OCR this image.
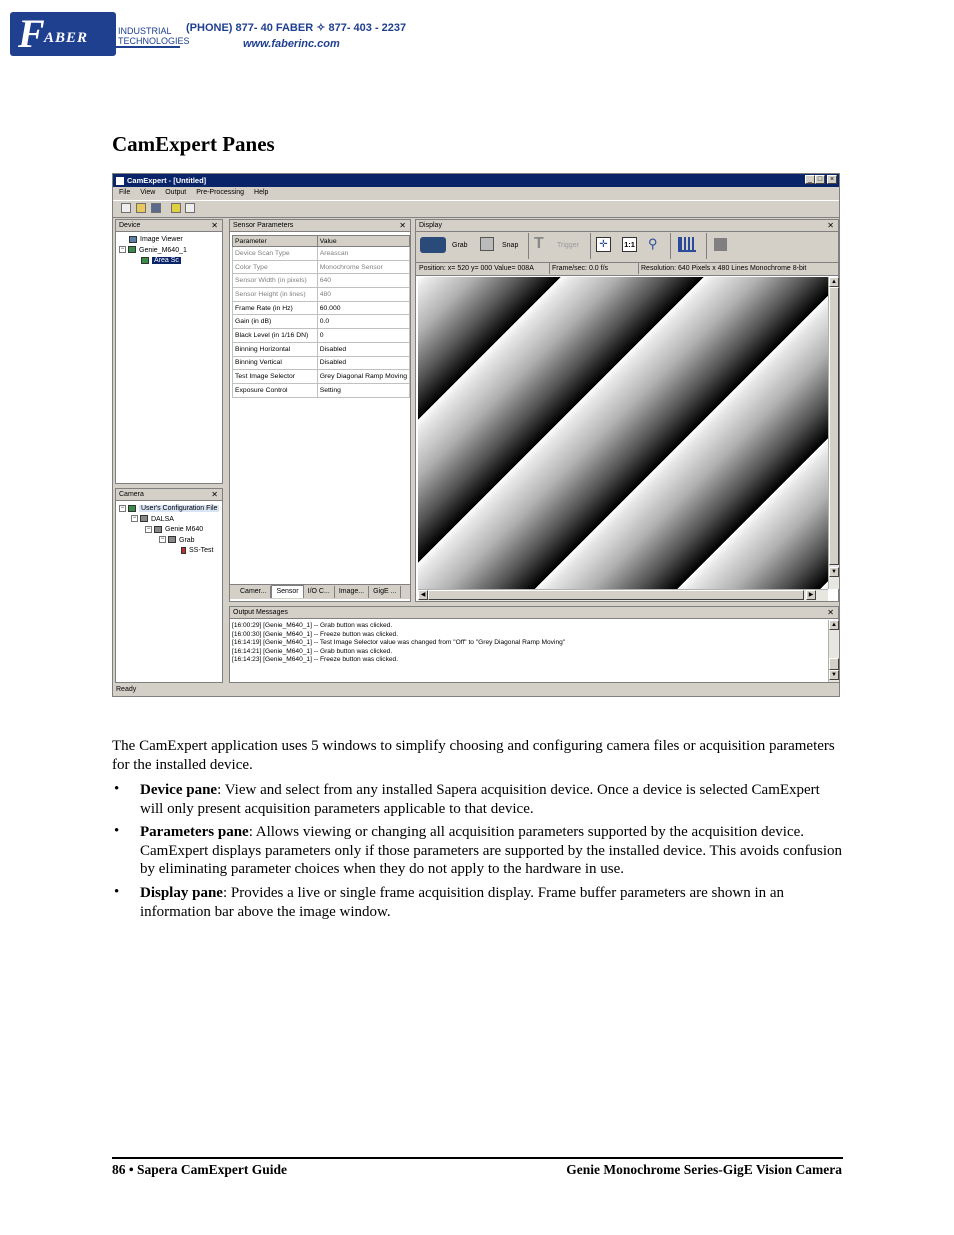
F ABER	INDUSTRIAL
TECHNOLOGIES
(PHONE) 877- 40 FABER ✧ 877- 403 - 2237
www.faberinc.com
CamExpert Panes
CamExpert - [Untitled]	_ □	×
File View Output Pre-Processing Help
Device	✕
Image Viewer
− Genie_M640_1
Area Sc
Camera	✕
− User's Configuration File
− DALSA
− Genie M640
− Grab
SS-Test
Sensor Parameters	✕
Parameter	Value
Device Scan Type	Areascan
Color Type	Monochrome Sensor
Sensor Width (in pixels)	640
Sensor Height (in lines)	480
Frame Rate (in Hz)	60.000
Gain (in dB)	0.0
Black Level (in 1/16 DN)	0
Binning Horizontal	Disabled
Binning Vertical	Disabled
Test Image Selector	Grey Diagonal Ramp Moving
Exposure Control	Setting
Camer... Sensor I/O C... Image... GigE ...
Display	✕
Grab	Snap T	Trigger	✛	1:1 ⚲
Position: x= 520 y= 000 Value= 008A	Frame/sec: 0.0 f/s	Resolution: 640 Pixels x 480 Lines Monochrome 8-bit
▲
▼
◀	▶
Output Messages	✕
[16:00:29] [Genie_M640_1] -- Grab button was clicked.
[16:00:30] [Genie_M640_1] -- Freeze button was clicked.
[16:14:19] [Genie_M640_1] -- Test Image Selector value was changed from "Off" to "Grey Diagonal Ramp Moving"
[16:14:21] [Genie_M640_1] -- Grab button was clicked.
[16:14:23] [Genie_M640_1] -- Freeze button was clicked.
▲
▼
Ready
The CamExpert application uses 5 windows to simplify choosing and configuring camera files or acquisition parameters for the installed device.
• Device pane: View and select from any installed Sapera acquisition device. Once a device is selected CamExpert will only present acquisition parameters applicable to that device.
• Parameters pane: Allows viewing or changing all acquisition parameters supported by the acquisition device. CamExpert displays parameters only if those parameters are supported by the installed device. This avoids confusion by eliminating parameter choices when they do not apply to the hardware in use.
• Display pane: Provides a live or single frame acquisition display. Frame buffer parameters are shown in an information bar above the image window.
86 • Sapera CamExpert Guide	Genie Monochrome Series-GigE Vision Camera
